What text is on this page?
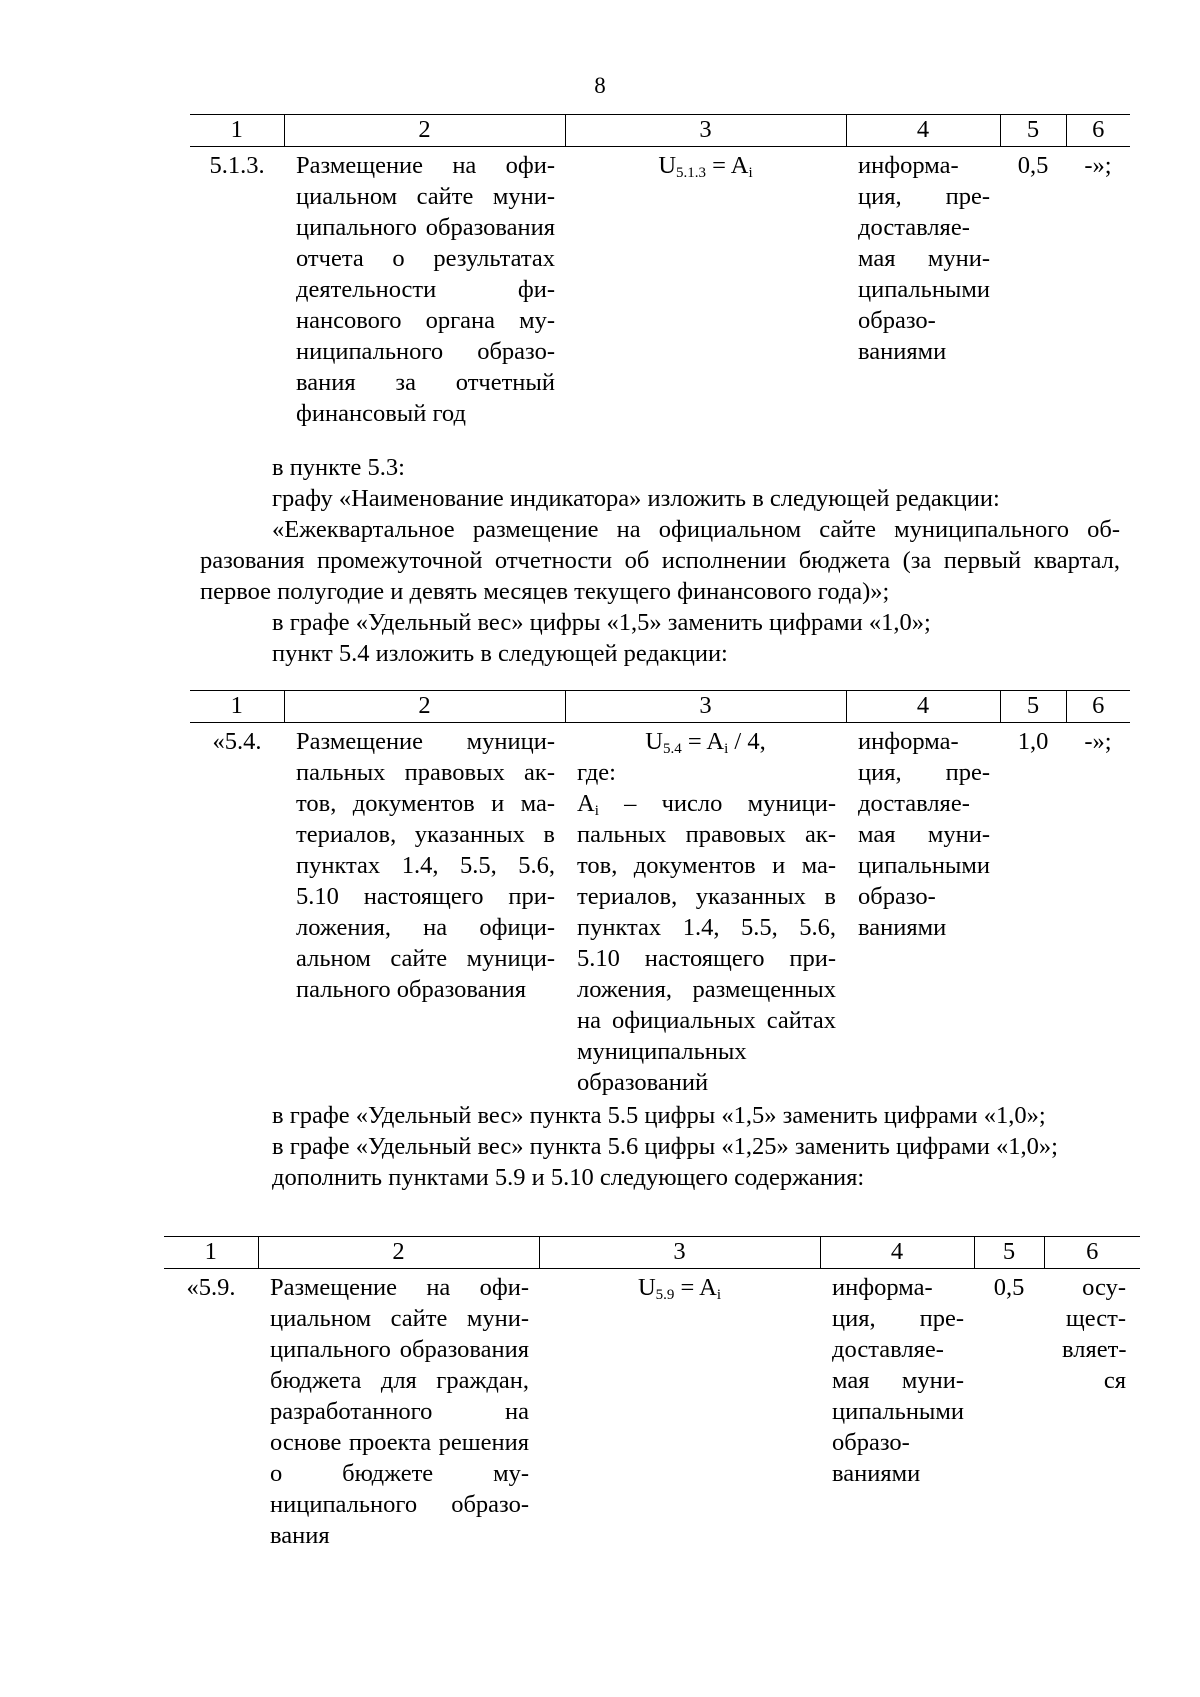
8
1	2	3	4	5	6
5.1.3.	Размещение на официальном сайте муниципального образования отчета о результатах деятельности финансового органа муниципального образования за отчетный финансовый год	$U_{5.1.3} = A_i$	информация, предоставляемая муниципальными образованиями	0,5	-»;

в пункте 5.3:

графу «Наименование индикатора» изложить в следующей редакции:

«Ежеквартальное размещение на официальном сайте муниципального образования промежуточной отчетности об исполнении бюджета (за первый квартал, первое полугодие и девять месяцев текущего финансового года)»;

в графе «Удельный вес» цифры «1,5» заменить цифрами «1,0»;

пункт 5.4 изложить в следующей редакции:

1	2	3	4	5	6
«5.4.	Размещение муниципальных правовых актов, документов и материалов, указанных в пунктах 1.4, 5.5, 5.6, 5.10 настоящего приложения, на официальном сайте муниципального образования	$U_{5.4} = A_i / 4$,
где:
$A_i$ – число муниципальных правовых актов, документов и материалов, указанных в пунктах 1.4, 5.5, 5.6, 5.10 настоящего приложения, размещенных на официальных сайтах муниципальных образований	информация, предоставляемая муниципальными образованиями	1,0	-»;

в графе «Удельный вес» пункта 5.5 цифры «1,5» заменить цифрами «1,0»;

в графе «Удельный вес» пункта 5.6 цифры «1,25» заменить цифрами «1,0»;

дополнить пунктами 5.9 и 5.10 следующего содержания:

1	2	3	4	5	6
«5.9.	Размещение на официальном сайте муниципального образования бюджета для граждан, разработанного на основе проекта решения о бюджете муниципального образования	$U_{5.9} = A_i$	информация, предоставляемая муниципальными образованиями	0,5	осуществляется
